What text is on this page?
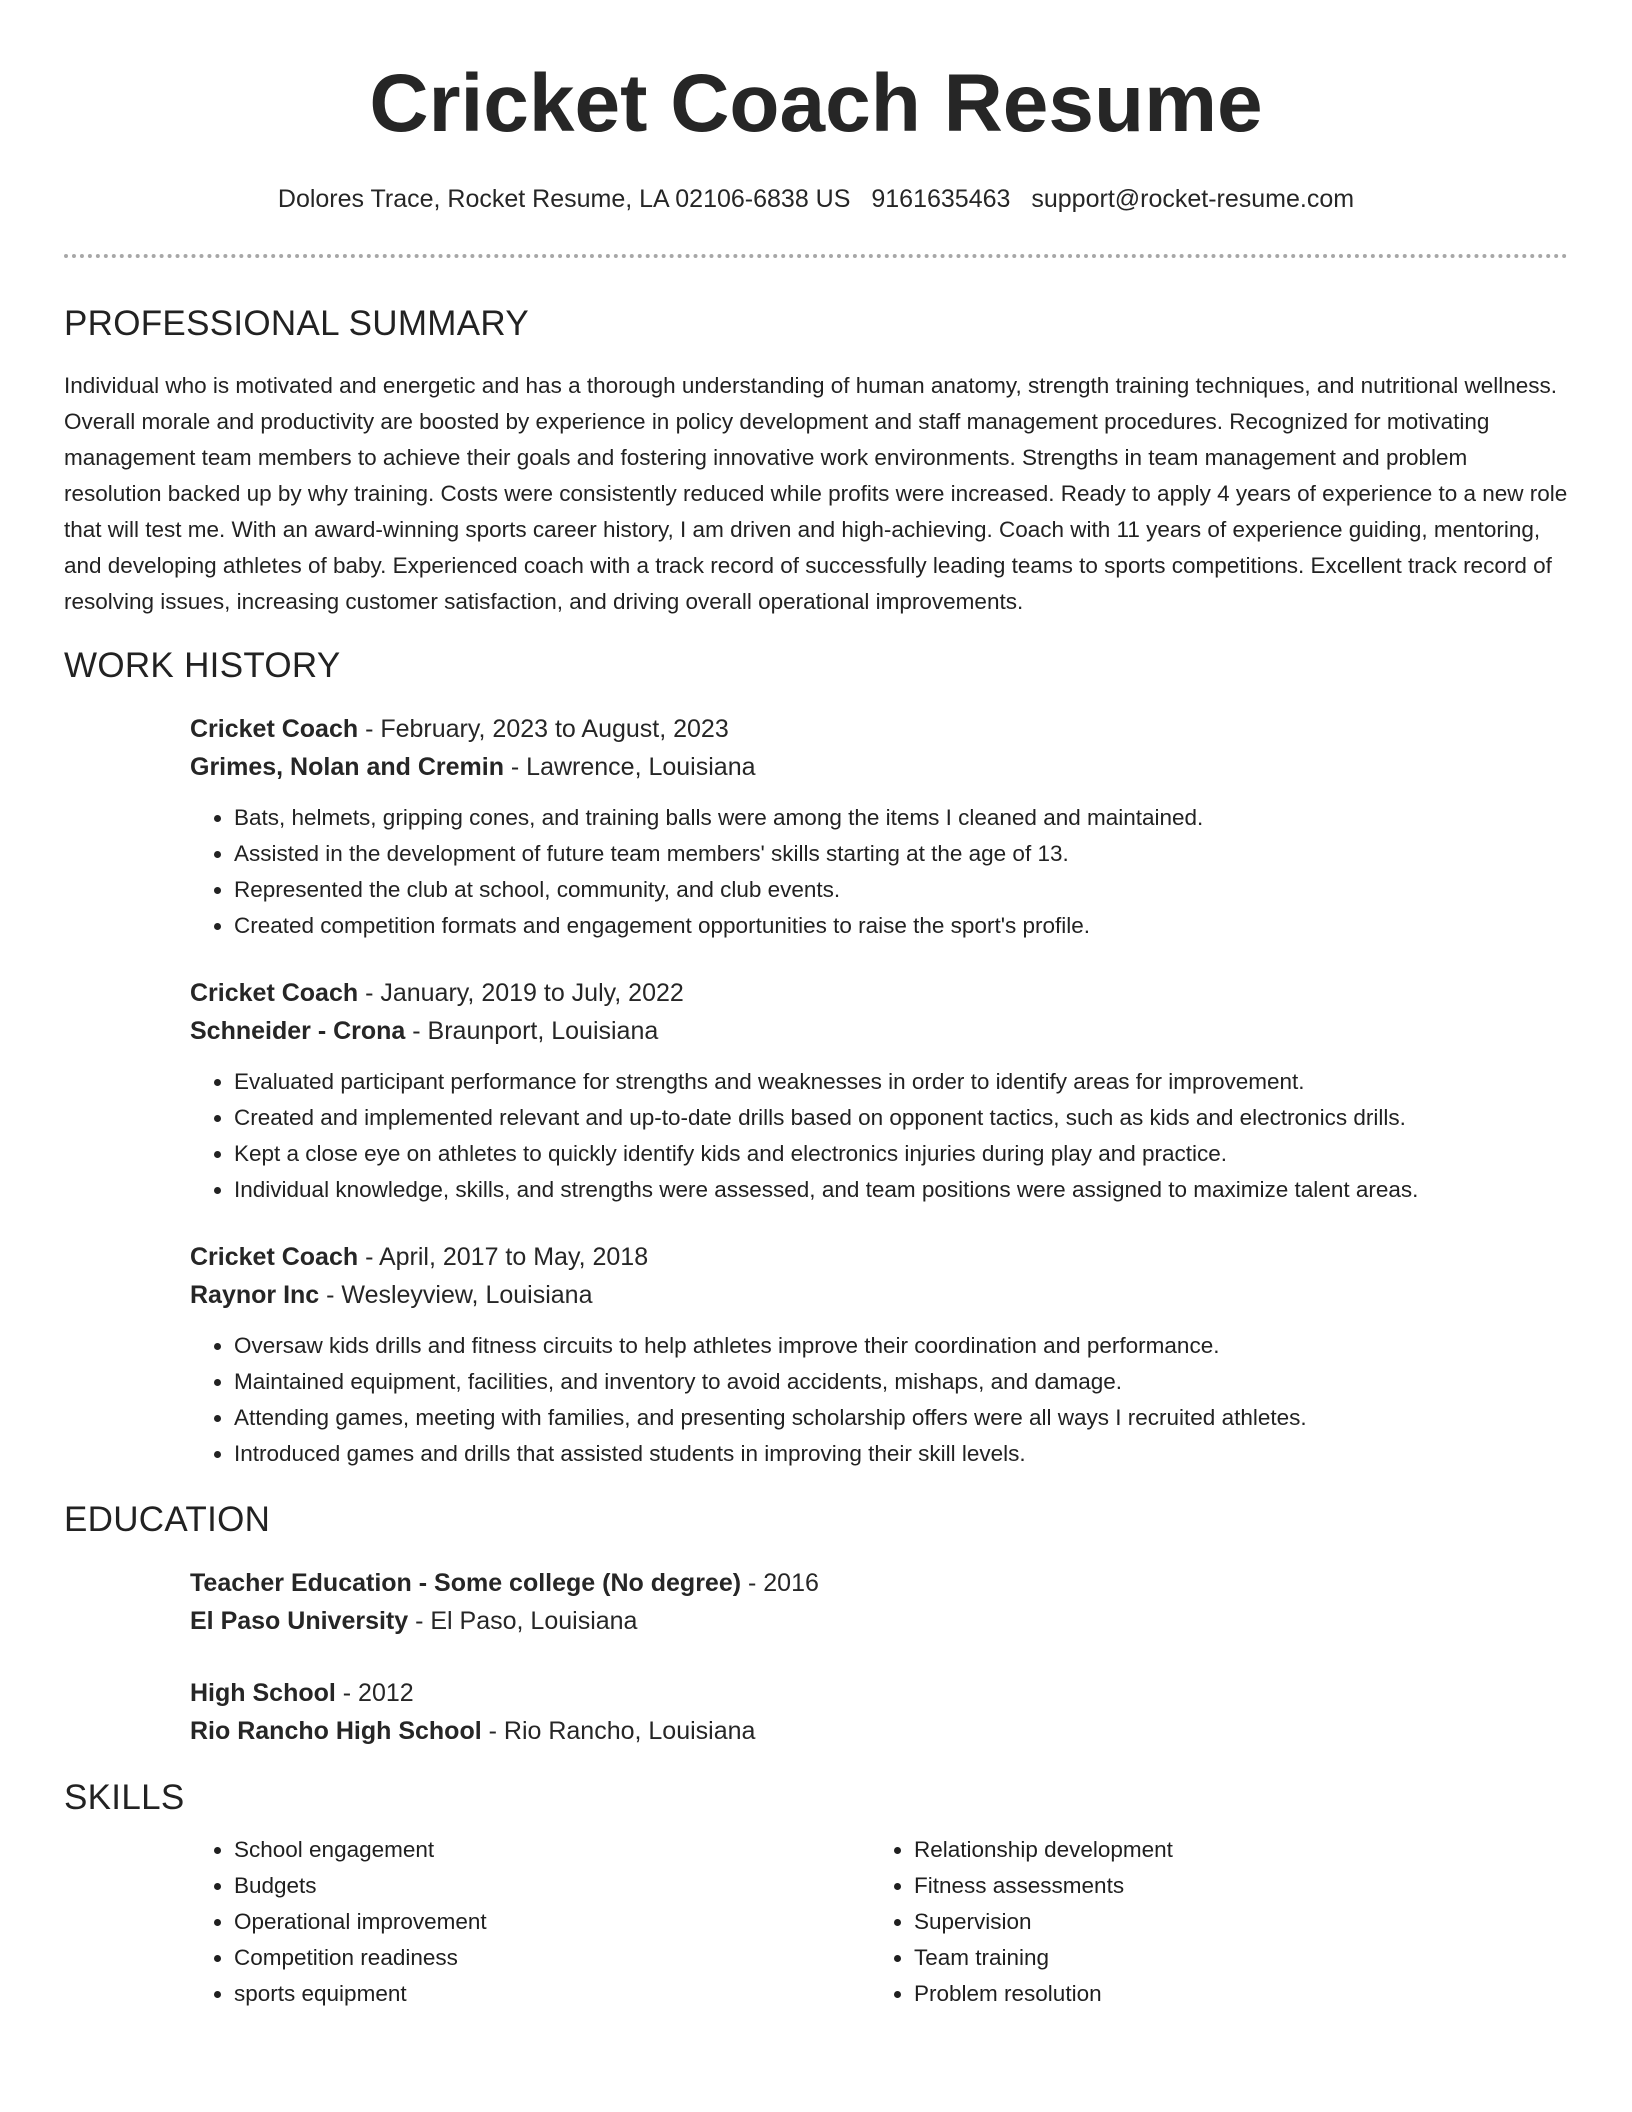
Cricket Coach Resume
Dolores Trace, Rocket Resume, LA 02106-6838 US 9161635463 support@rocket-resume.com
PROFESSIONAL SUMMARY

Individual who is motivated and energetic and has a thorough understanding of human anatomy, strength training techniques, and nutritional wellness. Overall morale and productivity are boosted by experience in policy development and staff management procedures. Recognized for motivating management team members to achieve their goals and fostering innovative work environments. Strengths in team management and problem resolution backed up by why training. Costs were consistently reduced while profits were increased. Ready to apply 4 years of experience to a new role that will test me. With an award-winning sports career history, I am driven and high-achieving. Coach with 11 years of experience guiding, mentoring, and developing athletes of baby. Experienced coach with a track record of successfully leading teams to sports competitions. Excellent track record of resolving issues, increasing customer satisfaction, and driving overall operational improvements.

WORK HISTORY

Cricket Coach - February, 2023 to August, 2023

Grimes, Nolan and Cremin - Lawrence, Louisiana

• Bats, helmets, gripping cones, and training balls were among the items I cleaned and maintained.
• Assisted in the development of future team members' skills starting at the age of 13.
• Represented the club at school, community, and club events.
• Created competition formats and engagement opportunities to raise the sport's profile.

Cricket Coach - January, 2019 to July, 2022

Schneider - Crona - Braunport, Louisiana

• Evaluated participant performance for strengths and weaknesses in order to identify areas for improvement.
• Created and implemented relevant and up-to-date drills based on opponent tactics, such as kids and electronics drills.
• Kept a close eye on athletes to quickly identify kids and electronics injuries during play and practice.
• Individual knowledge, skills, and strengths were assessed, and team positions were assigned to maximize talent areas.

Cricket Coach - April, 2017 to May, 2018

Raynor Inc - Wesleyview, Louisiana

• Oversaw kids drills and fitness circuits to help athletes improve their coordination and performance.
• Maintained equipment, facilities, and inventory to avoid accidents, mishaps, and damage.
• Attending games, meeting with families, and presenting scholarship offers were all ways I recruited athletes.
• Introduced games and drills that assisted students in improving their skill levels.
EDUCATION

Teacher Education - Some college (No degree) - 2016

El Paso University - El Paso, Louisiana

High School - 2012

Rio Rancho High School - Rio Rancho, Louisiana

SKILLS
• School engagement
• Budgets
• Operational improvement
• Competition readiness
• sports equipment
• Relationship development
• Fitness assessments
• Supervision
• Team training
• Problem resolution
